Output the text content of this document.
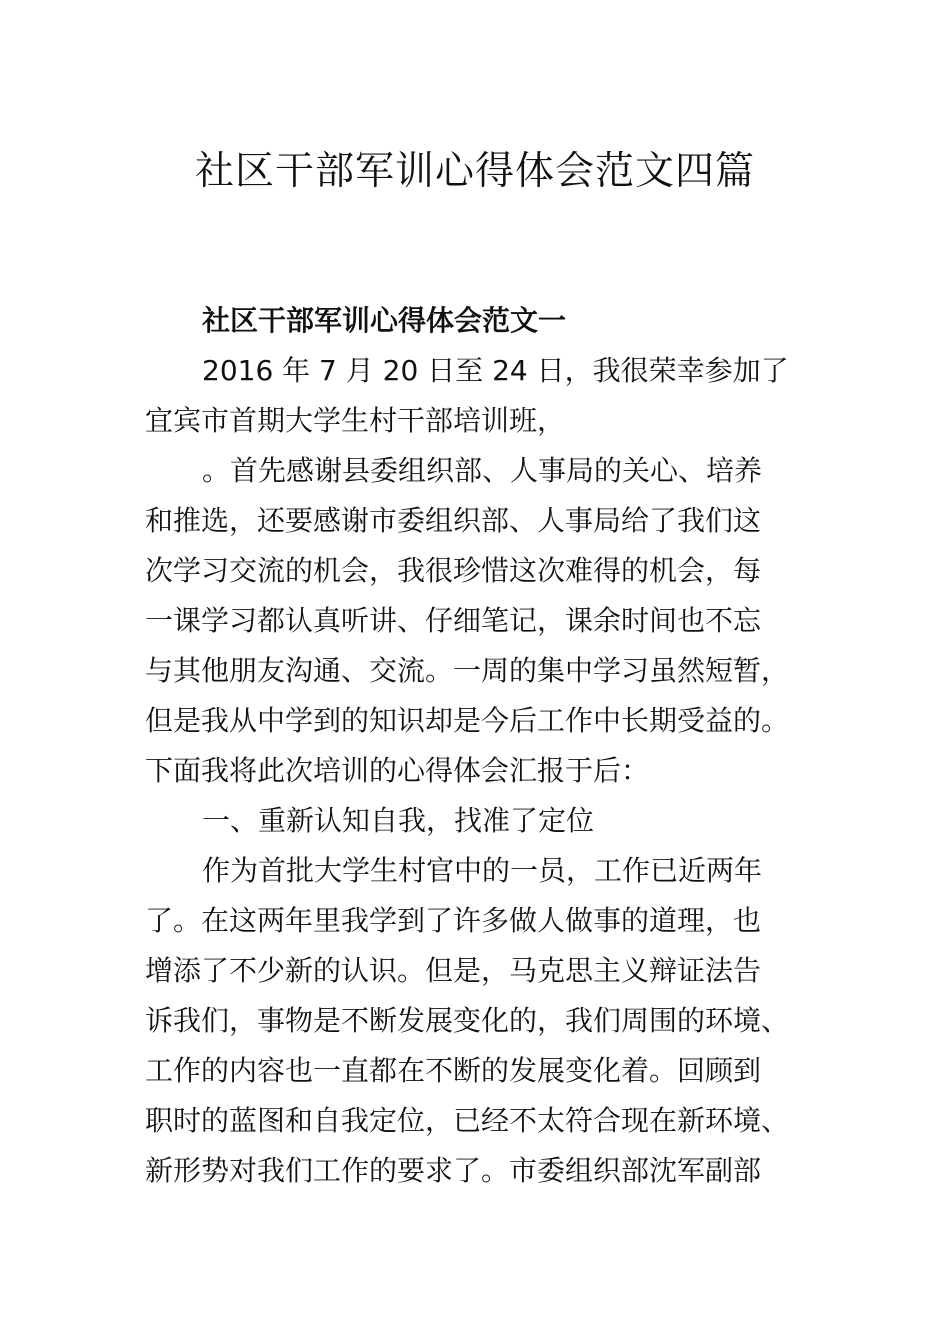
社区干部军训心得体会范文四篇

社区干部军训心得体会范文一

2016 年 7 月 20 日至 24 日，我很荣幸参加了
宜宾市首期大学生村干部培训班，

。首先感谢县委组织部、人事局的关心、培养
和推选，还要感谢市委组织部、人事局给了我们这
次学习交流的机会，我很珍惜这次难得的机会，每
一课学习都认真听讲、仔细笔记，课余时间也不忘
与其他朋友沟通、交流。一周的集中学习虽然短暂，
但是我从中学到的知识却是今后工作中长期受益的。
下面我将此次培训的心得体会汇报于后：

一、重新认知自我，找准了定位

作为首批大学生村官中的一员，工作已近两年
了。在这两年里我学到了许多做人做事的道理，也
增添了不少新的认识。但是，马克思主义辩证法告
诉我们，事物是不断发展变化的，我们周围的环境、
工作的内容也一直都在不断的发展变化着。回顾到
职时的蓝图和自我定位，已经不太符合现在新环境、
新形势对我们工作的要求了。市委组织部沈军副部
